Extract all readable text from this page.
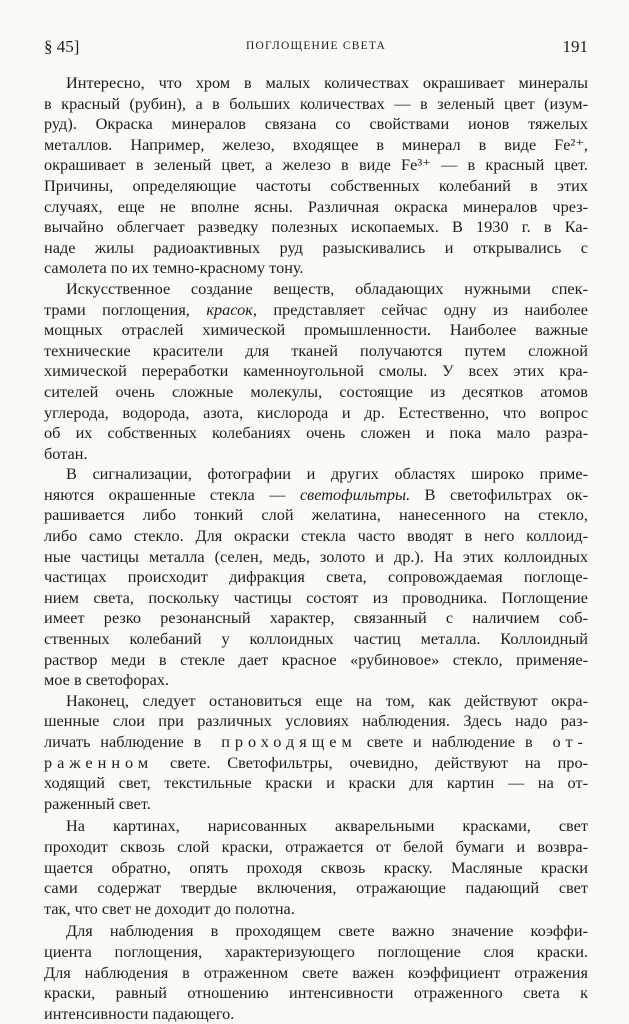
§ 45]	ПОГЛОЩЕНИЕ СВЕТА	191
Интересно, что хром в малых количествах окрашивает минералы
в красный (рубин), а в больших количествах — в зеленый цвет (изум-
руд). Окраска минералов связана со свойствами ионов тяжелых
металлов. Например, железо, входящее в минерал в виде Fe²⁺,
окрашивает в зеленый цвет, а железо в виде Fe³⁺ — в красный цвет.
Причины, определяющие частоты собственных колебаний в этих
случаях, еще не вполне ясны. Различная окраска минералов чрез-
вычайно облегчает разведку полезных ископаемых. В 1930 г. в Ка-
наде жилы радиоактивных руд разыскивались и открывались с
самолета по их темно-красному тону.
Искусственное создание веществ, обладающих нужными спек-
трами поглощения, красок, представляет сейчас одну из наиболее
мощных отраслей химической промышленности. Наиболее важные
технические красители для тканей получаются путем сложной
химической переработки каменноугольной смолы. У всех этих кра-
сителей очень сложные молекулы, состоящие из десятков атомов
углерода, водорода, азота, кислорода и др. Естественно, что вопрос
об их собственных колебаниях очень сложен и пока мало разра-
ботан.
В сигнализации, фотографии и других областях широко приме-
няются окрашенные стекла — светофильтры. В светофильтрах ок-
рашивается либо тонкий слой желатина, нанесенного на стекло,
либо само стекло. Для окраски стекла часто вводят в него коллоид-
ные частицы металла (селен, медь, золото и др.). На этих коллоидных
частицах происходит дифракция света, сопровождаемая поглоще-
нием света, поскольку частицы состоят из проводника. Поглощение
имеет резко резонансный характер, связанный с наличием соб-
ственных колебаний у коллоидных частиц металла. Коллоидный
раствор меди в стекле дает красное «рубиновое» стекло, применяе-
мое в светофорах.
Наконец, следует остановиться еще на том, как действуют окра-
шенные слои при различных условиях наблюдения. Здесь надо раз-
личать наблюдение в проходящем свете и наблюдение в от-
раженном свете. Светофильтры, очевидно, действуют на про-
ходящий свет, текстильные краски и краски для картин — на от-
раженный свет.
На картинах, нарисованных акварельными красками, свет
проходит сквозь слой краски, отражается от белой бумаги и возвра-
щается обратно, опять проходя сквозь краску. Масляные краски
сами содержат твердые включения, отражающие падающий свет
так, что свет не доходит до полотна.
Для наблюдения в проходящем свете важно значение коэффи-
циента поглощения, характеризующего поглощение слоя краски.
Для наблюдения в отраженном свете важен коэффициент отражения
краски, равный отношению интенсивности отраженного света к
интенсивности падающего.
